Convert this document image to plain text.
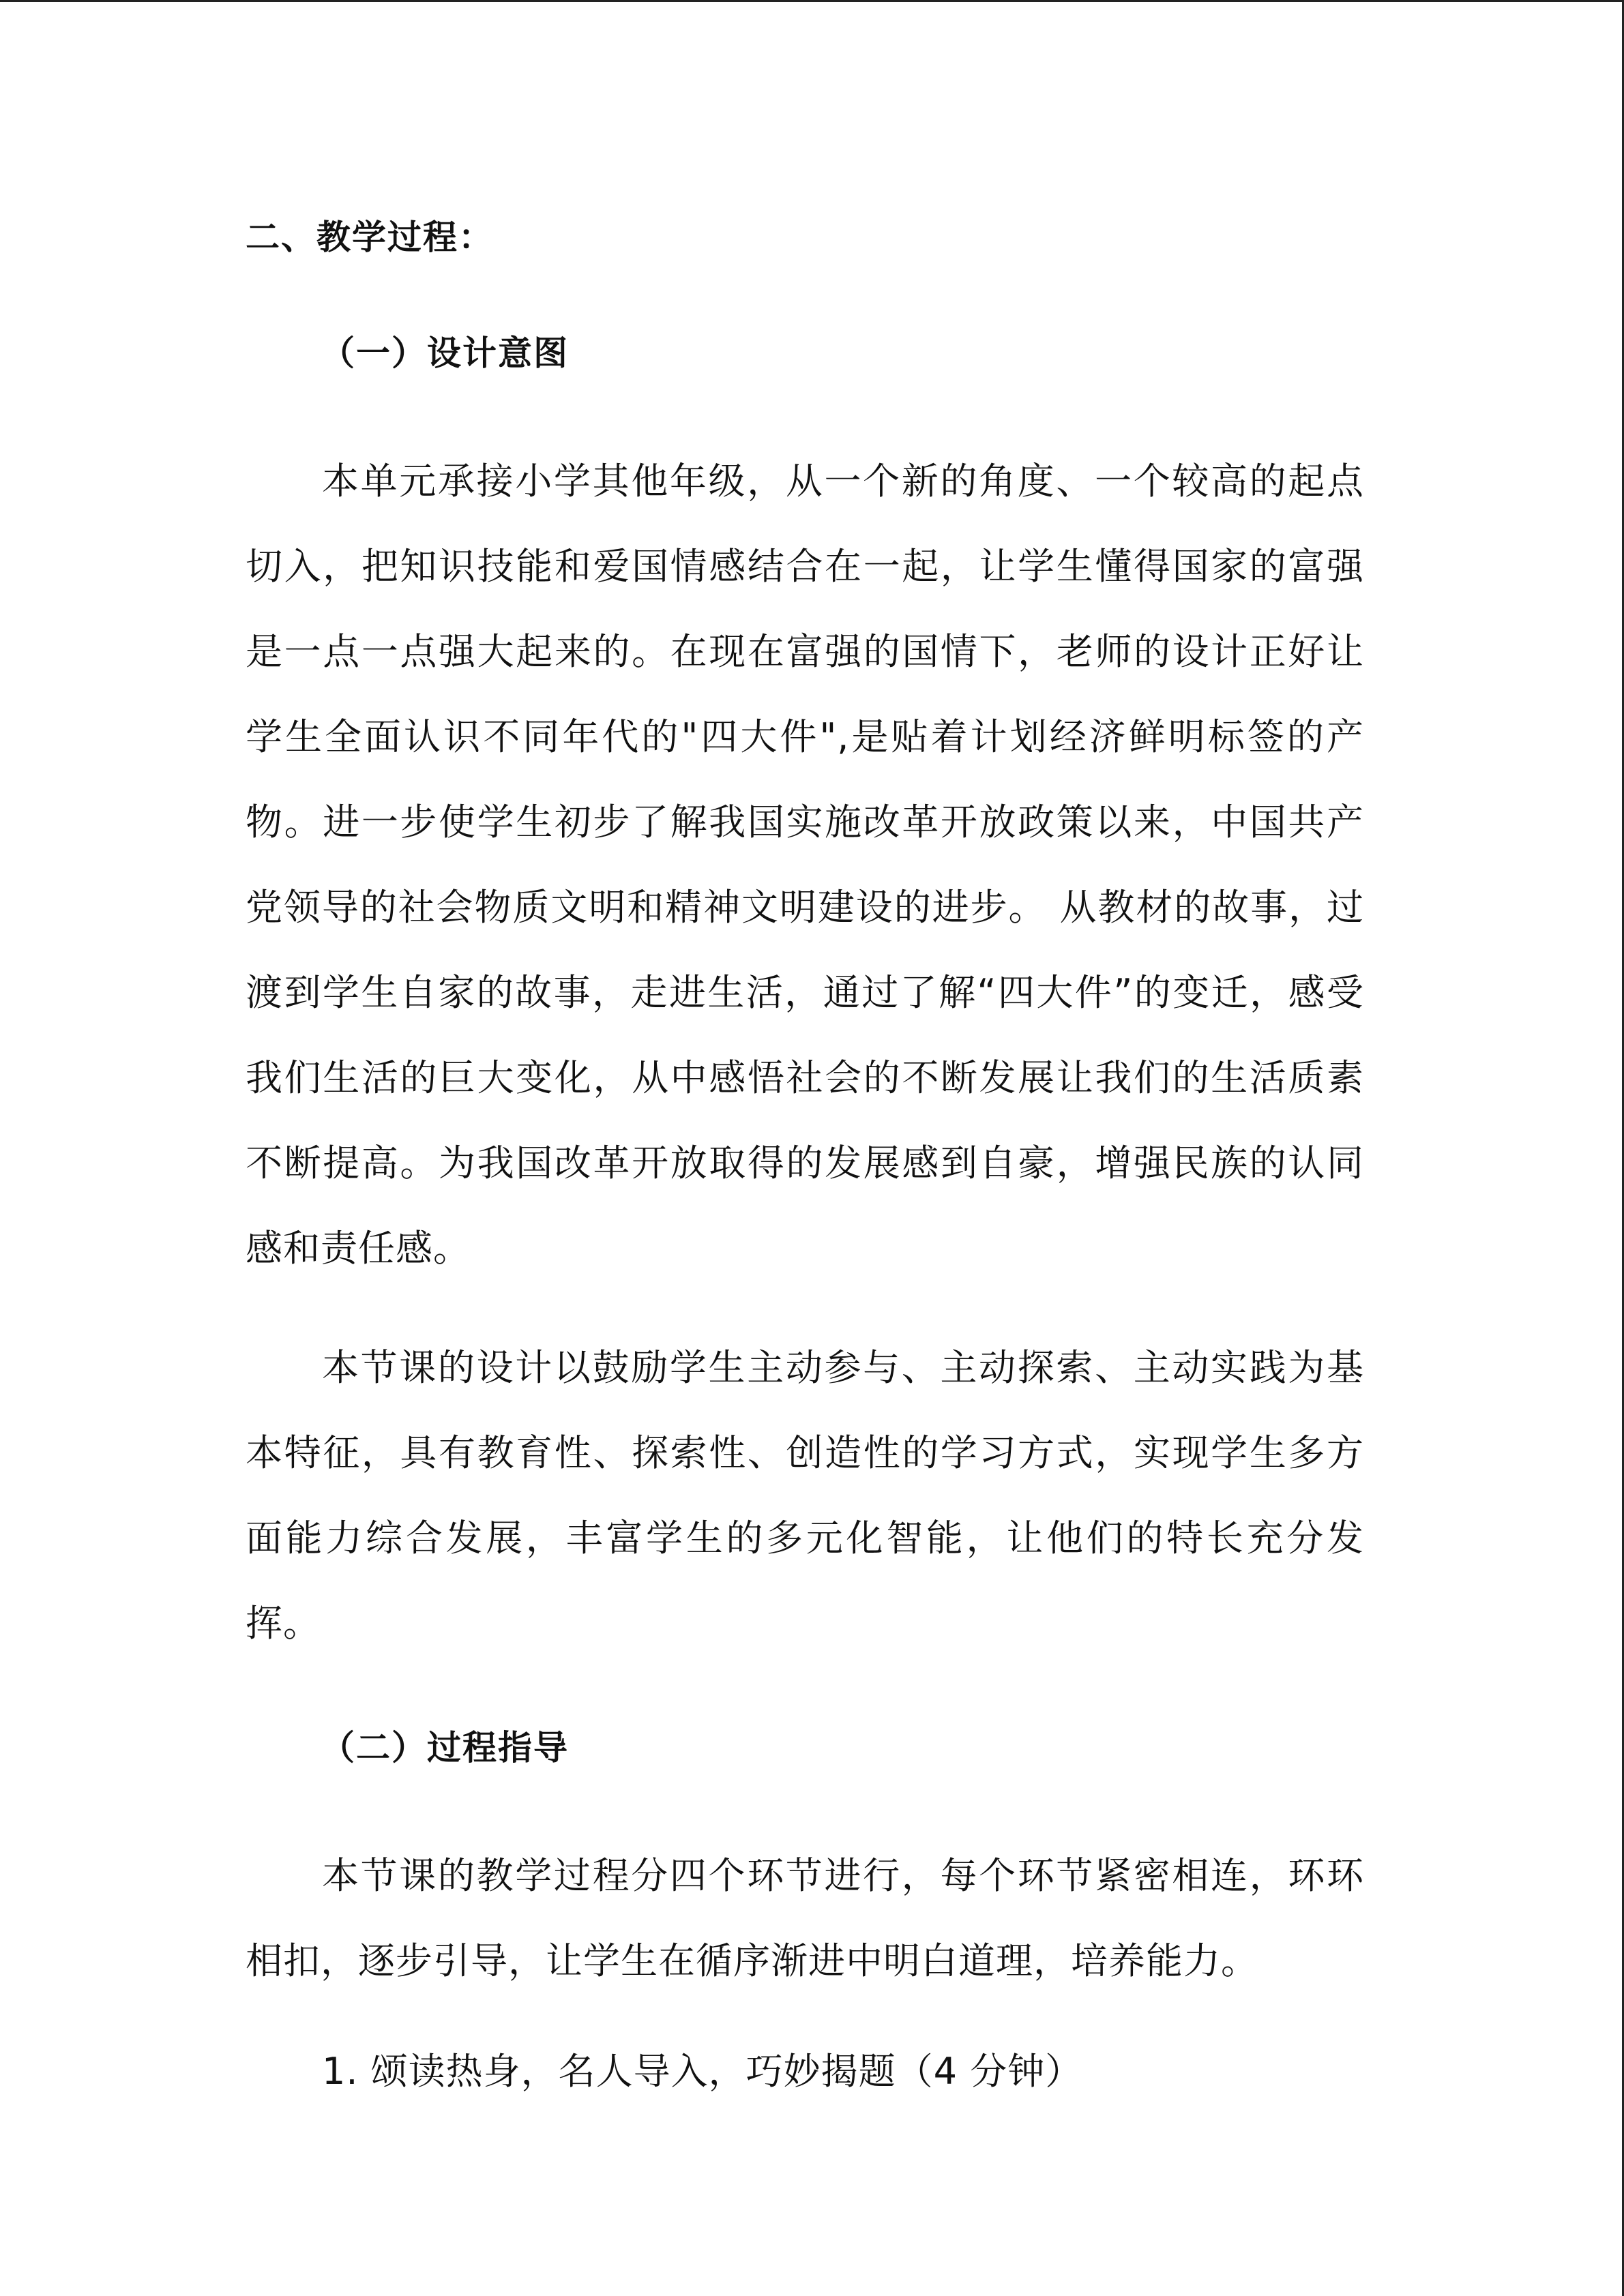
二、教学过程：
（一）设计意图

本单元承接小学其他年级，从一个新的角度、一个较高的起点切入，把知识技能和爱国情感结合在一起，让学生懂得国家的富强是一点一点强大起来的。在现在富强的国情下，老师的设计正好让学生全面认识不同年代的"四大件",是贴着计划经济鲜明标签的产物。进一步使学生初步了解我国实施改革开放政策以来，中国共产党领导的社会物质文明和精神文明建设的进步。 从教材的故事，过渡到学生自家的故事，走进生活，通过了解“四大件”的变迁，感受我们生活的巨大变化，从中感悟社会的不断发展让我们的生活质素不断提高。为我国改革开放取得的发展感到自豪，增强民族的认同感和责任感。

本节课的设计以鼓励学生主动参与、主动探索、主动实践为基本特征，具有教育性、探索性、创造性的学习方式，实现学生多方面能力综合发展，丰富学生的多元化智能，让他们的特长充分发挥。

（二）过程指导

本节课的教学过程分四个环节进行，每个环节紧密相连，环环相扣，逐步引导，让学生在循序渐进中明白道理，培养能力。

1. 颂读热身，名人导入，巧妙揭题（4 分钟）
